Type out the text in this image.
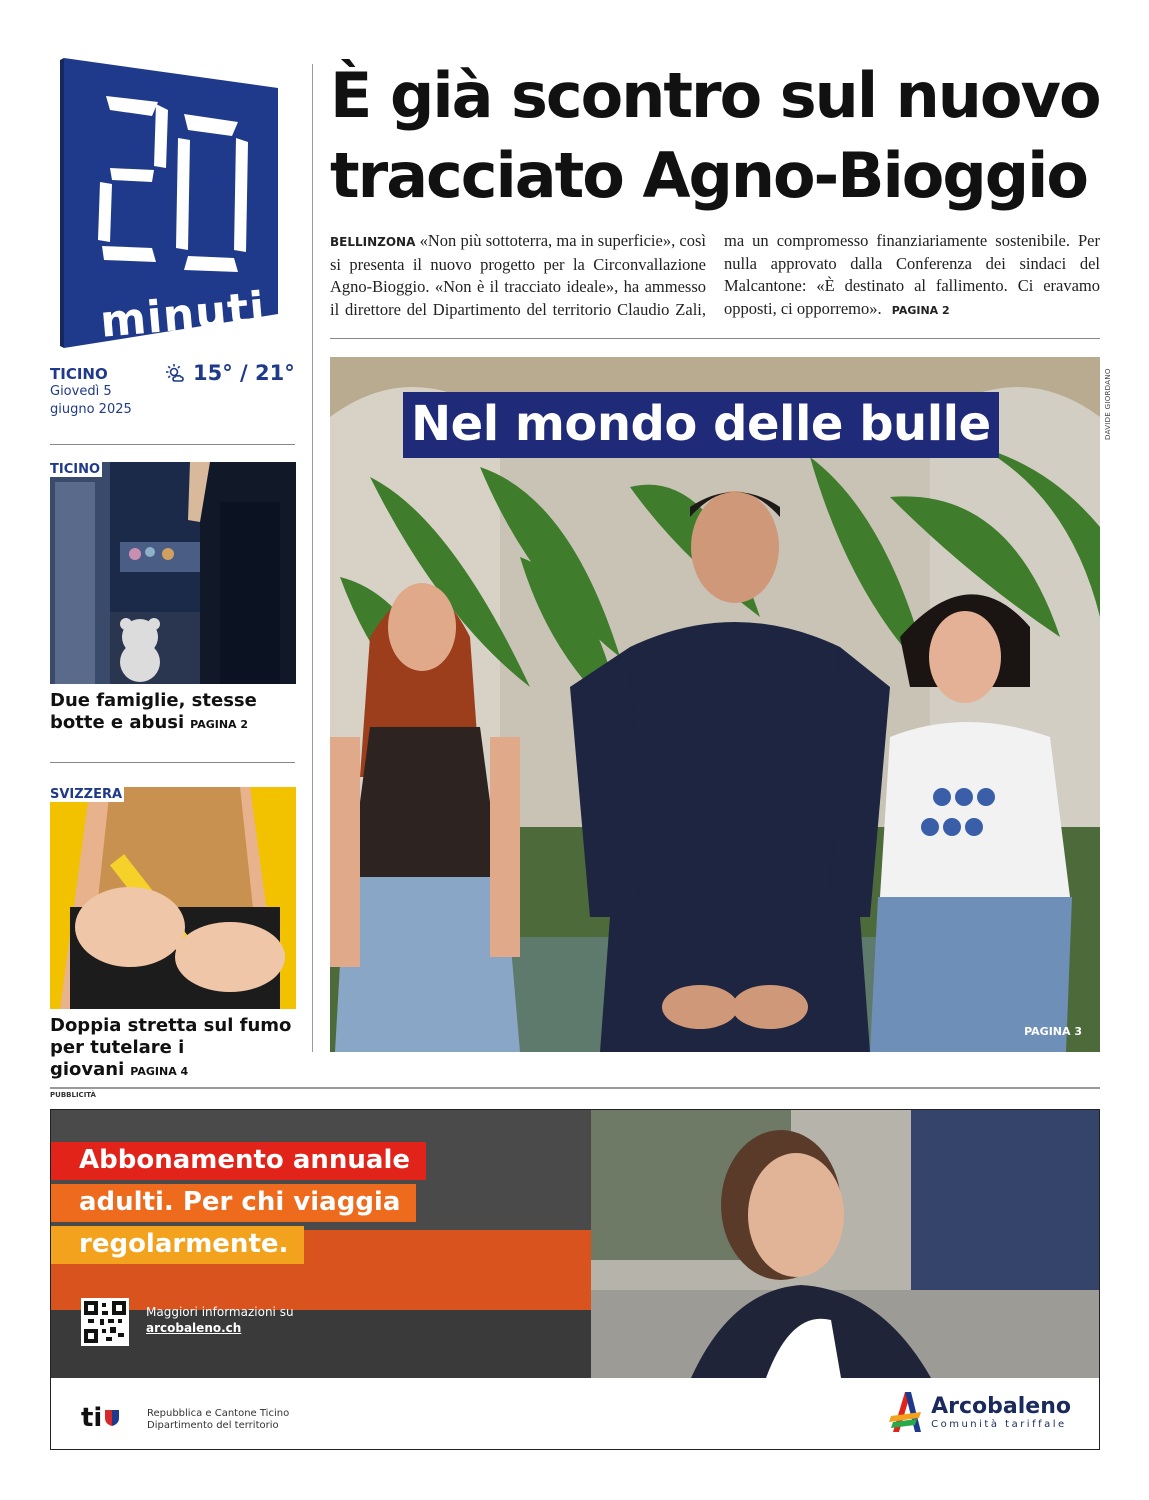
minuti
TICINO
Giovedì 5
giugno 2025
15° / 21°
TICINO
Due famiglie, stesse botte e abusi PAGINA 2
SVIZZERA
Doppia stretta sul fumo per tutelare i giovani PAGINA 4
È già scontro sul nuovo tracciato Agno-Bioggio
BELLINZONA «Non più sottoterra, ma in superficie», così si presenta il nuovo progetto per la Circonvallazione Agno-Bioggio. «Non è il tracciato ideale», ha ammesso il direttore del Dipartimento del territorio Claudio Zali, ma un compromesso finanziariamente sostenibile. Per nulla approvato dalla Conferenza dei sindaci del Malcantone: «È destinato al fallimento. Ci eravamo opposti, ci opporremo». PAGINA 2
Nel mondo delle bulle
PAGINA 3
DAVIDE GIORDANO
PUBBLICITÀ
Abbonamento annuale
adulti. Per chi viaggia
regolarmente.
Maggiori informazioni su
arcobaleno.ch
ti	Repubblica e Cantone Ticino
Dipartimento del territorio
Arcobaleno
Comunità tariffale
